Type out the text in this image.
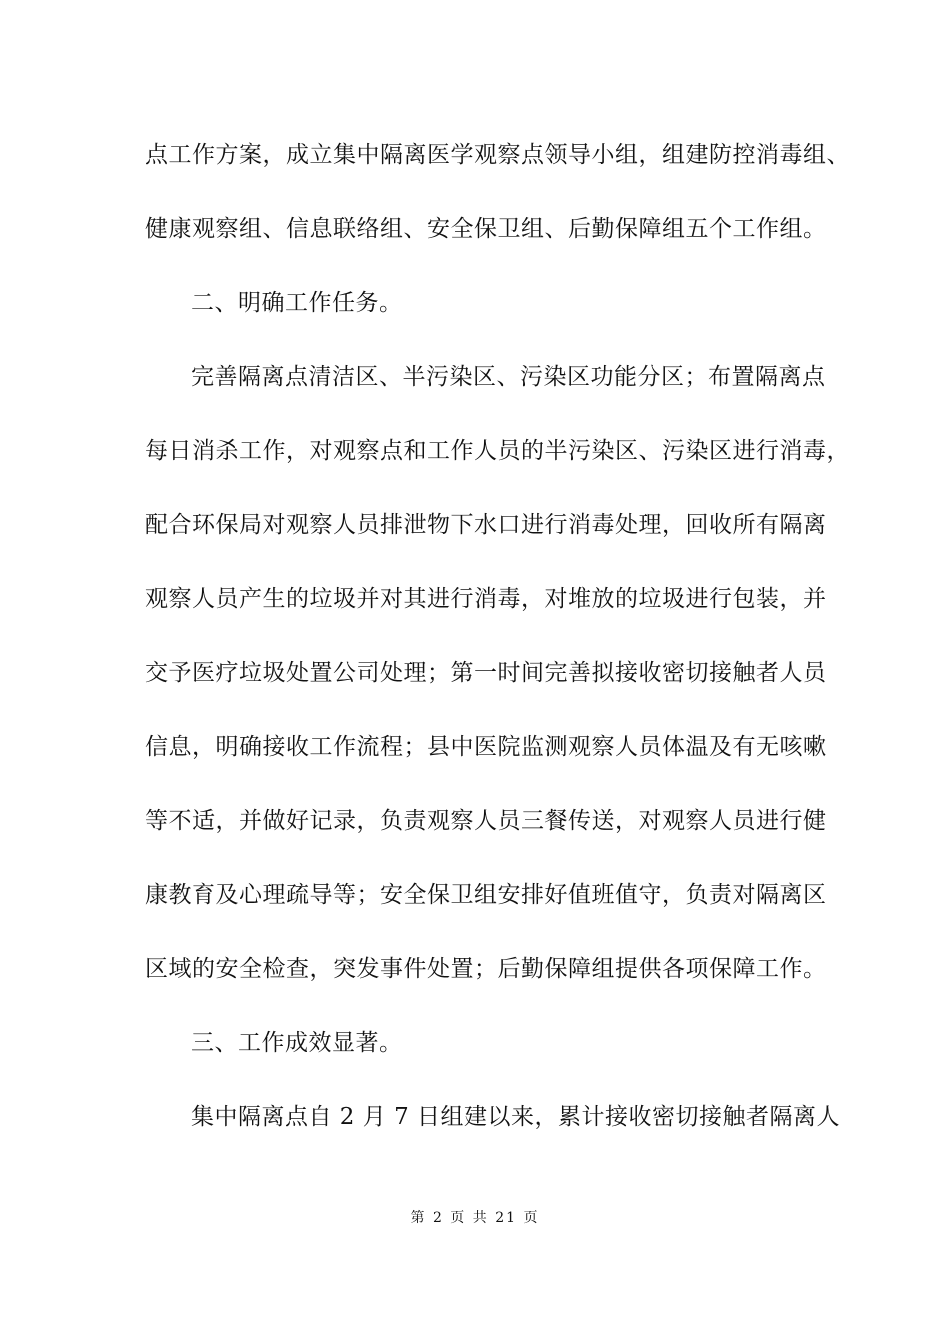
点工作方案，成立集中隔离医学观察点领导小组，组建防控消毒组、
健康观察组、信息联络组、安全保卫组、后勤保障组五个工作组。
二、明确工作任务。
完善隔离点清洁区、半污染区、污染区功能分区；布置隔离点
每日消杀工作，对观察点和工作人员的半污染区、污染区进行消毒，
配合环保局对观察人员排泄物下水口进行消毒处理，回收所有隔离
观察人员产生的垃圾并对其进行消毒，对堆放的垃圾进行包装，并
交予医疗垃圾处置公司处理；第一时间完善拟接收密切接触者人员
信息，明确接收工作流程；县中医院监测观察人员体温及有无咳嗽
等不适，并做好记录，负责观察人员三餐传送，对观察人员进行健
康教育及心理疏导等；安全保卫组安排好值班值守，负责对隔离区
区域的安全检查，突发事件处置；后勤保障组提供各项保障工作。
三、工作成效显著。
集中隔离点自 2 月 7 日组建以来，累计接收密切接触者隔离人
第 2 页 共 21 页
